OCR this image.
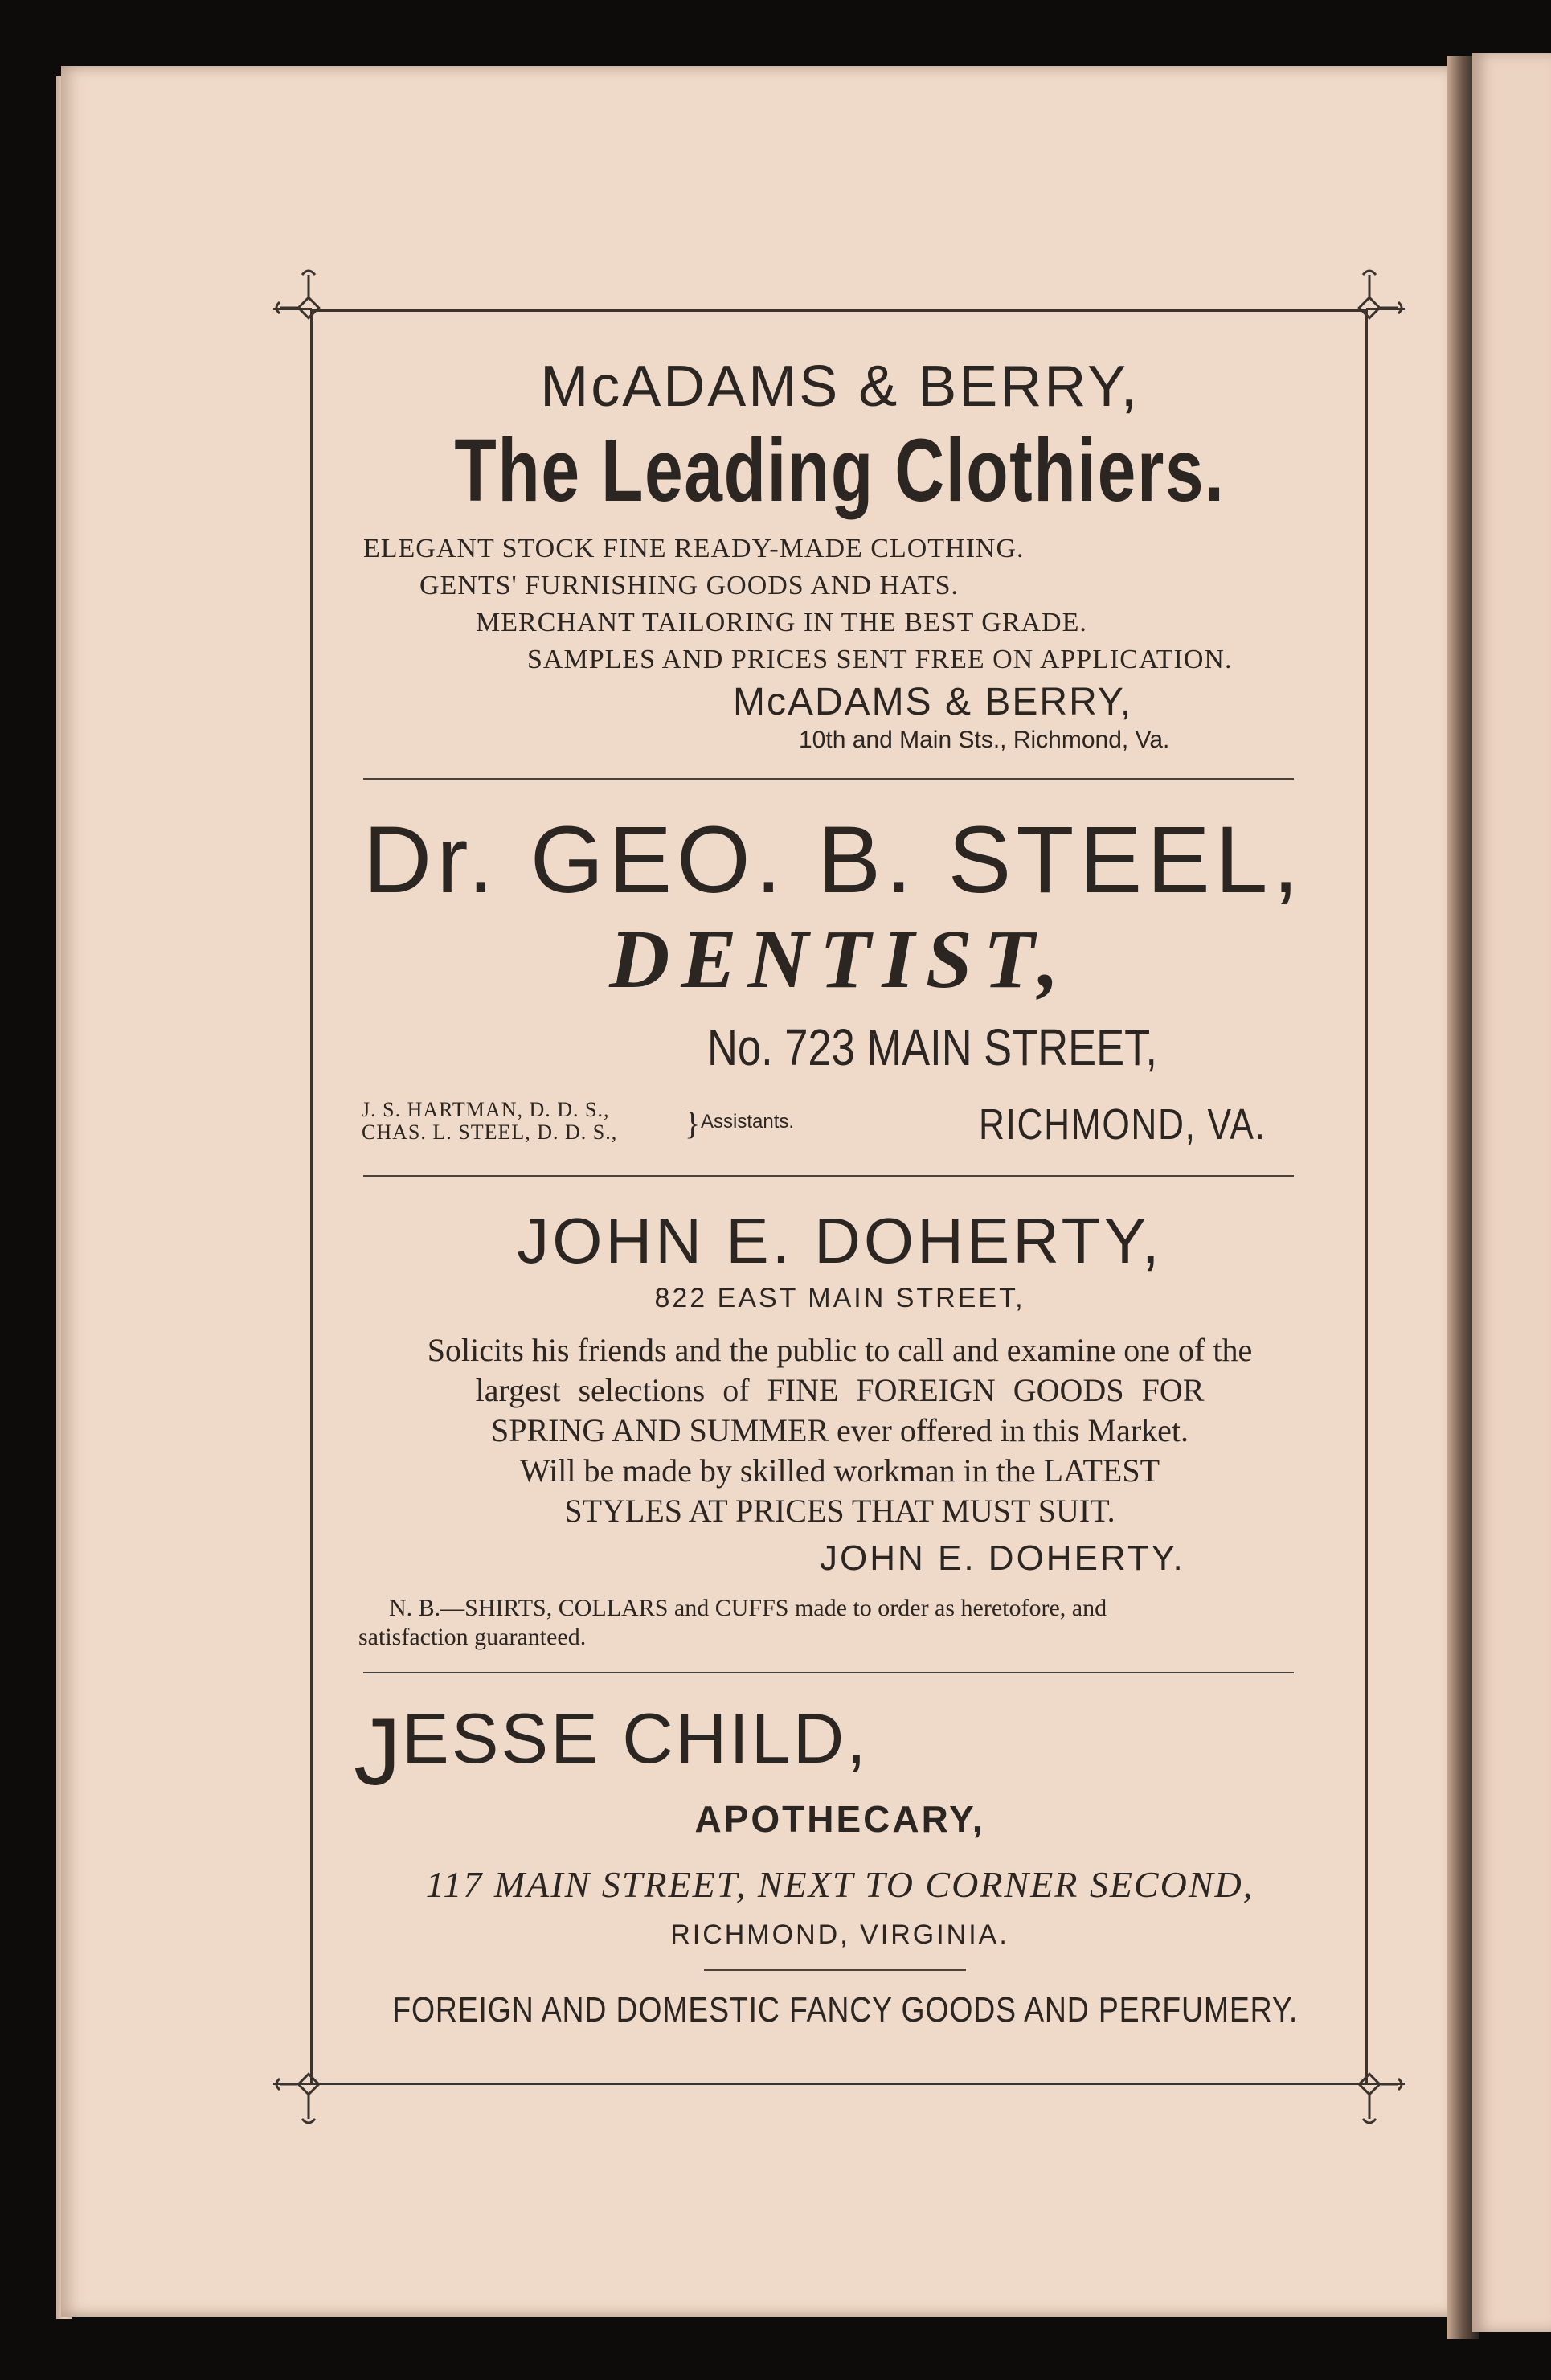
McADAMS & BERRY,
The Leading Clothiers.
ELEGANT STOCK FINE READY-MADE CLOTHING.
GENTS' FURNISHING GOODS AND HATS.
MERCHANT TAILORING IN THE BEST GRADE.
SAMPLES AND PRICES SENT FREE ON APPLICATION.
McADAMS & BERRY,
10th and Main Sts., Richmond, Va.
Dr. GEO. B. STEEL,
DENTIST,
No. 723 MAIN STREET,
J. S. HARTMAN, D. D. S.,
CHAS. L. STEEL, D. D. S., } Assistants.	RICHMOND, VA.
JOHN E. DOHERTY,
822 EAST MAIN STREET,
Solicits his friends and the public to call and examine one of the
largest selections of FINE FOREIGN GOODS FOR
SPRING AND SUMMER ever offered in this Market.
Will be made by skilled workman in the LATEST
STYLES AT PRICES THAT MUST SUIT.
JOHN E. DOHERTY.
N. B.—SHIRTS, COLLARS and CUFFS made to order as heretofore, and
satisfaction guaranteed.
J ESSE CHILD,
APOTHECARY,
117 MAIN STREET, NEXT TO CORNER SECOND,
RICHMOND, VIRGINIA.
FOREIGN AND DOMESTIC FANCY GOODS AND PERFUMERY.
